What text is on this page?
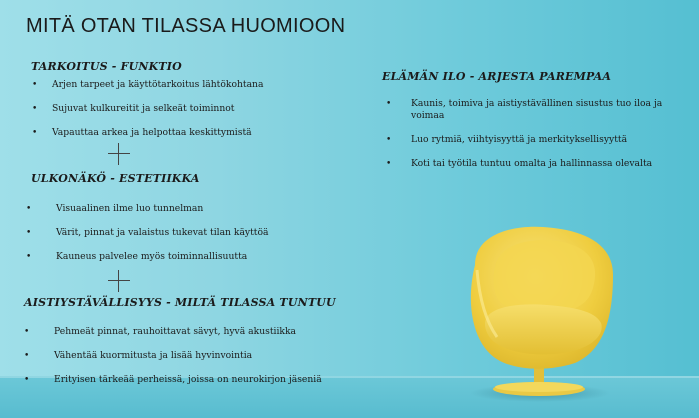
MITÄ OTAN TILASSA HUOMIOON
TARKOITUS - FUNKTIO
• Arjen tarpeet ja käyttötarkoitus lähtökohtana
• Sujuvat kulkureitit ja selkeät toiminnot
• Vapauttaa arkea ja helpottaa keskittymistä
ULKONÄKÖ - ESTETIIKKA
•	Visuaalinen ilme luo tunnelman
•	Värit, pinnat ja valaistus tukevat tilan käyttöä
•	Kauneus palvelee myös toiminnallisuutta
AISTIYSTÄVÄLLISYYS - MILTÄ TILASSA TUNTUU
•	Pehmeät pinnat, rauhoittavat sävyt, hyvä akustiikka
•	Vähentää kuormitusta ja lisää hyvinvointia
•	Erityisen tärkeää perheissä, joissa on neurokirjon jäseniä
ELÄMÄN ILO - ARJESTA PAREMPAA
• Kaunis, toimiva ja aistiystävällinen sisustus tuo iloa ja voimaa
• Luo rytmiä, viihtyisyyttä ja merkityksellisyyttä
• Koti tai työtila tuntuu omalta ja hallinnassa olevalta
